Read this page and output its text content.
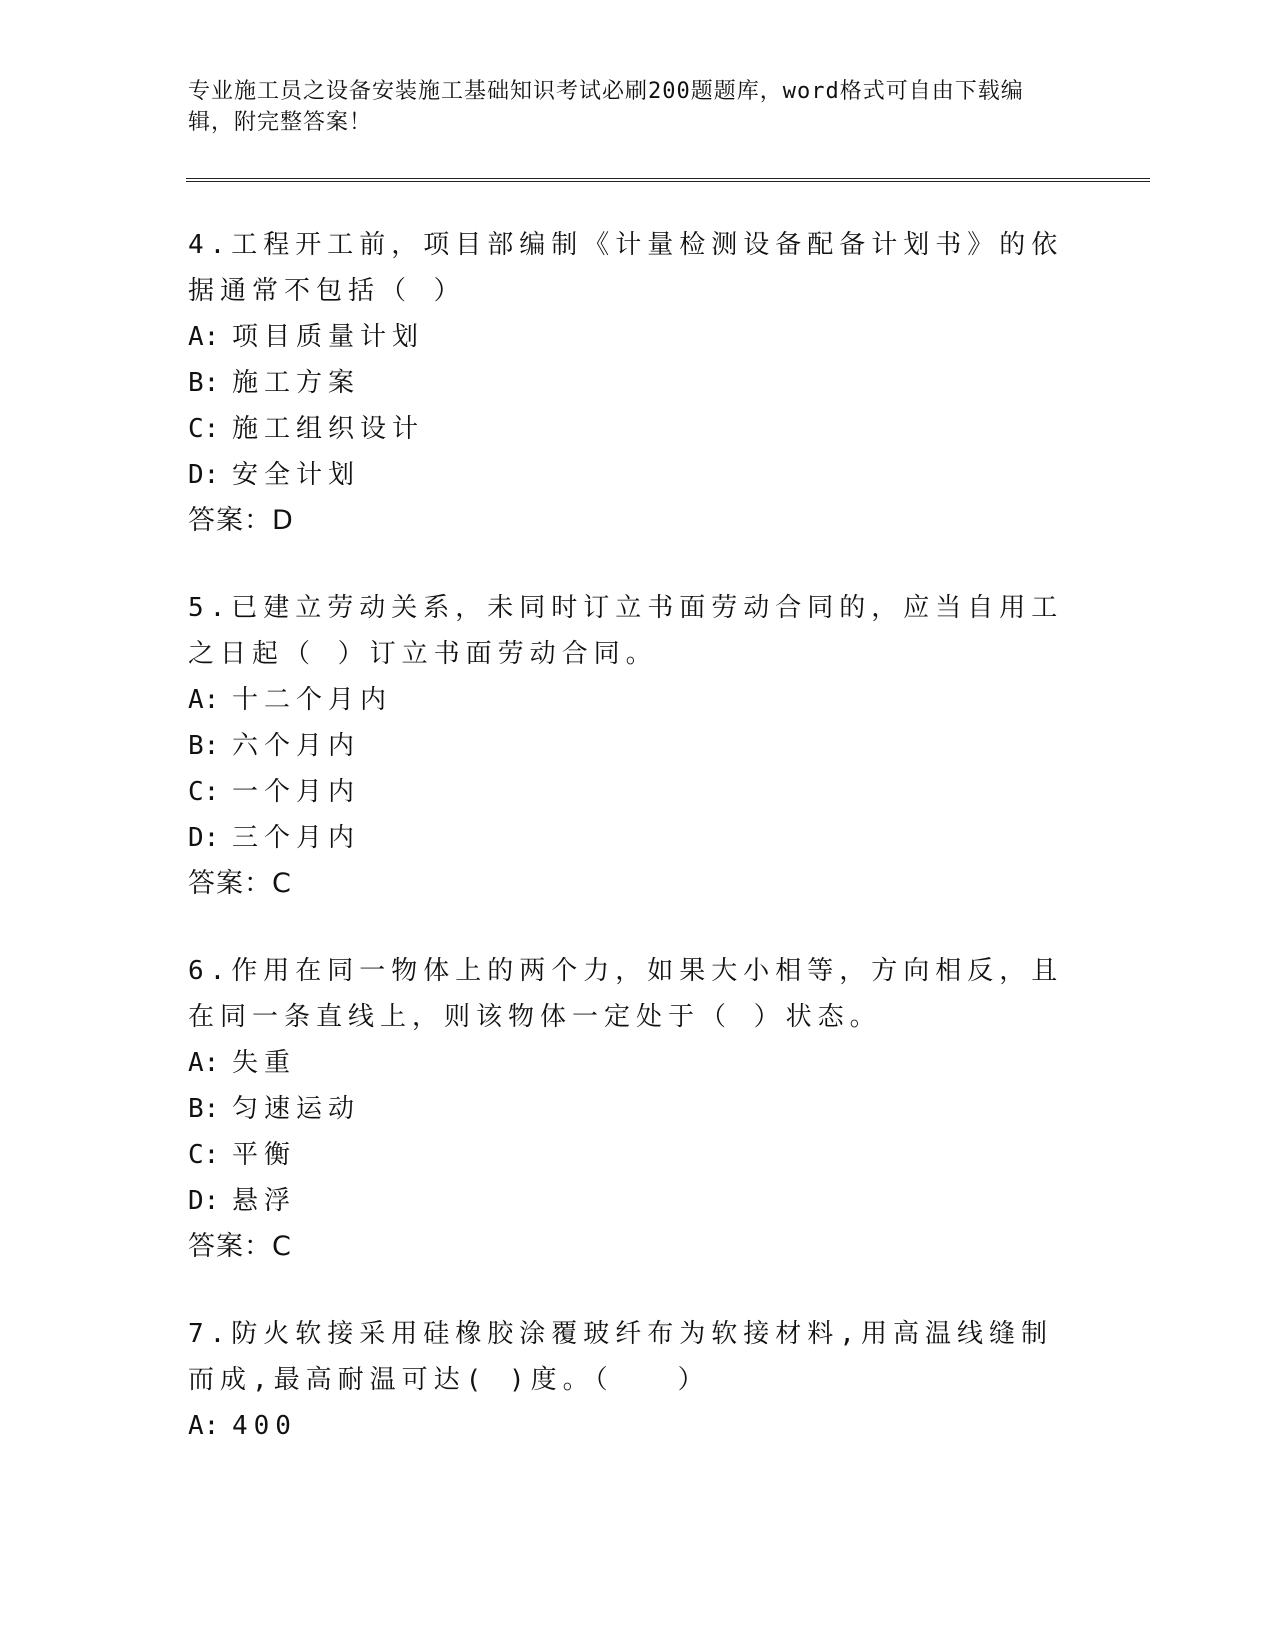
专业施工员之设备安装施工基础知识考试必刷200题题库，word格式可自由下载编辑，附完整答案！

4.工程开工前，项目部编制《计量检测设备配备计划书》的依据通常不包括（ ）

A: 项目质量计划

B: 施工方案

C: 施工组织设计

D: 安全计划

答案：D

5.已建立劳动关系，未同时订立书面劳动合同的，应当自用工之日起（ ）订立书面劳动合同。

A: 十二个月内

B: 六个月内

C: 一个月内

D: 三个月内

答案：C

6.作用在同一物体上的两个力，如果大小相等，方向相反，且在同一条直线上，则该物体一定处于（ ）状态。

A: 失重

B: 匀速运动

C: 平衡

D: 悬浮

答案：C

7.防火软接采用硅橡胶涂覆玻纤布为软接材料,用高温线缝制而成,最高耐温可达( )度。（　　）

A: 400
